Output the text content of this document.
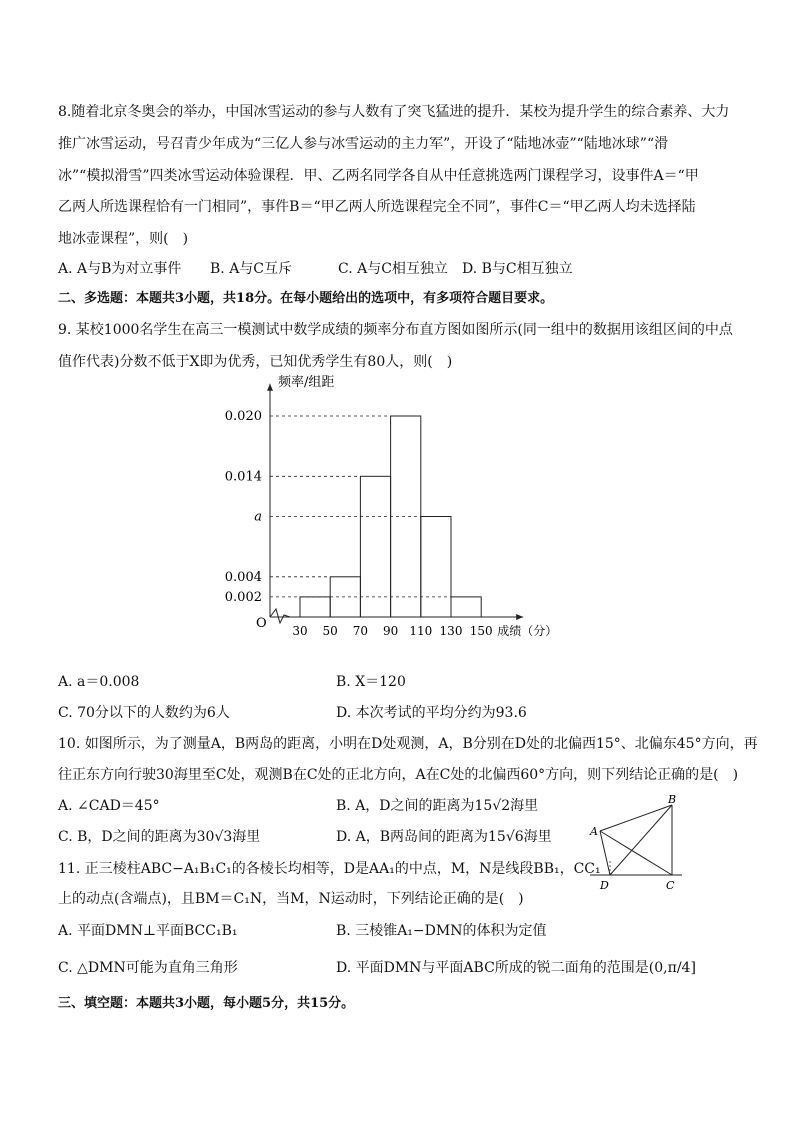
8.随着北京冬奥会的举办，中国冰雪运动的参与人数有了突飞猛进的提升．某校为提升学生的综合素养、大力
推广冰雪运动，号召青少年成为“三亿人参与冰雪运动的主力军”，开设了“陆地冰壶”“陆地冰球”“滑
冰”“模拟滑雪”四类冰雪运动体验课程．甲、乙两名同学各自从中任意挑选两门课程学习，设事件A＝“甲
乙两人所选课程恰有一门相同”，事件B＝“甲乙两人所选课程完全不同”，事件C＝“甲乙两人均未选择陆
地冰壶课程”，则(　)
A. A与B为对立事件 B. A与C互斥	C. A与C相互独立 D. B与C相互独立
二、多选题：本题共3小题，共18分。在每小题给出的选项中，有多项符合题目要求。
9. 某校1000名学生在高三一模测试中数学成绩的频率分布直方图如图所示(同一组中的数据用该组区间的中点
值作代表)分数不低于X即为优秀，已知优秀学生有80人，则(　)
频率/组距
O
0.002
0.004
a
0.014
0.020
30 50 70 90 110 130 150 成绩（分）
A. a＝0.008	B. X＝120
C. 70分以下的人数约为6人	D. 本次考试的平均分约为93.6
10. 如图所示，为了测量A，B两岛的距离，小明在D处观测，A，B分别在D处的北偏西15°、北偏东45°方向，再
往正东方向行驶30海里至C处，观测B在C处的正北方向，A在C处的北偏西60°方向，则下列结论正确的是(　)
A. ∠CAD＝45°	B. A，D之间的距离为15√2海里
C. B，D之间的距离为30√3海里	D. A，B两岛间的距离为15√6海里	A
B
C
D
11. 正三棱柱ABC−A₁B₁C₁的各棱长均相等，D是AA₁的中点，M，N是线段BB₁，CC₁
上的动点(含端点)，且BM＝C₁N，当M，N运动时，下列结论正确的是(　)
A. 平面DMN⊥平面BCC₁B₁	B. 三棱锥A₁−DMN的体积为定值
C. △DMN可能为直角三角形	D. 平面DMN与平面ABC所成的锐二面角的范围是(0,π/4]
三、填空题：本题共3小题，每小题5分，共15分。
